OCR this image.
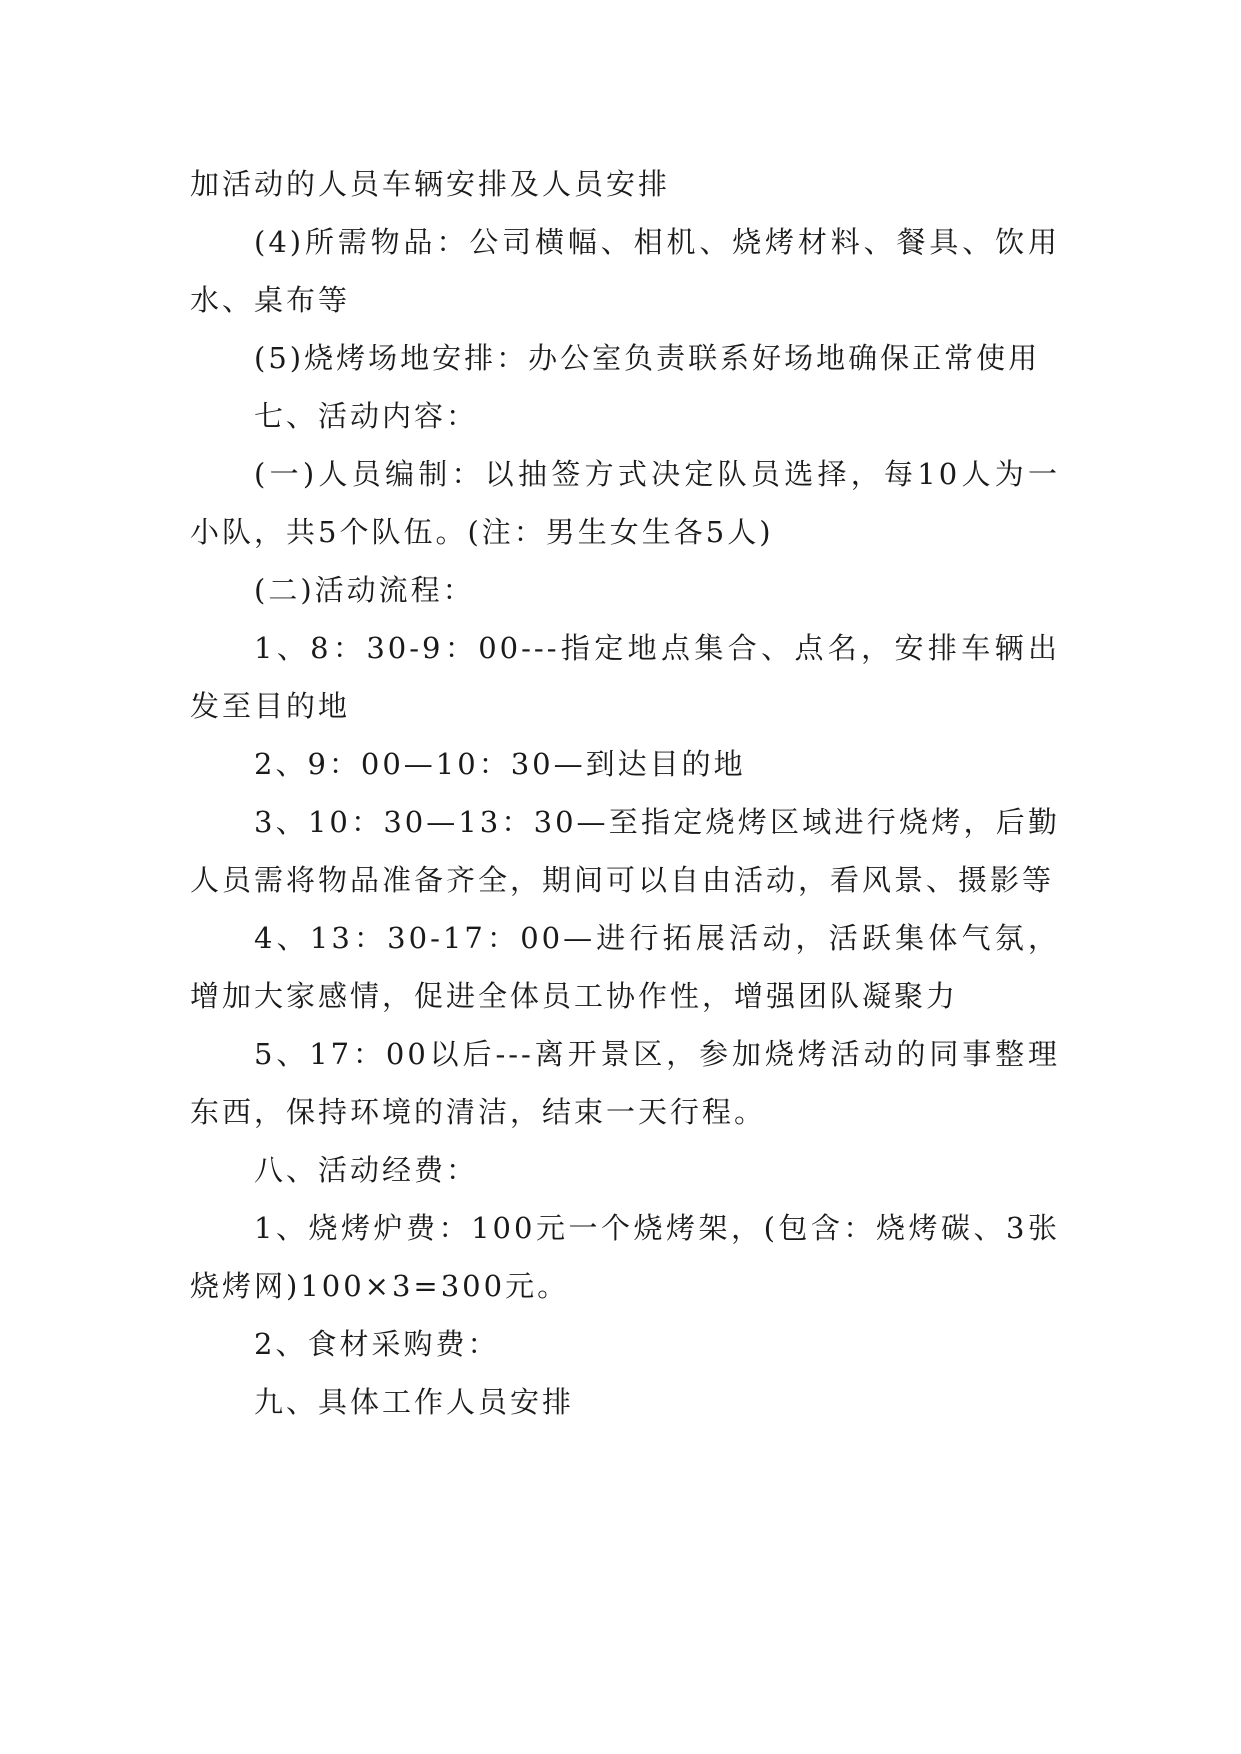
加活动的人员车辆安排及人员安排

(4)所需物品：公司横幅、相机、烧烤材料、餐具、饮用水、桌布等

(5)烧烤场地安排：办公室负责联系好场地确保正常使用

七、活动内容：

(一)人员编制：以抽签方式决定队员选择，每10人为一小队，共5个队伍。(注：男生女生各5人)

(二)活动流程：

1、8：30-9：00---指定地点集合、点名，安排车辆出发至目的地

2、9：00—10：30—到达目的地

3、10：30—13：30—至指定烧烤区域进行烧烤，后勤人员需将物品准备齐全，期间可以自由活动，看风景、摄影等

4、13：30-17：00—进行拓展活动，活跃集体气氛，增加大家感情，促进全体员工协作性，增强团队凝聚力

5、17：00以后---离开景区，参加烧烤活动的同事整理东西，保持环境的清洁，结束一天行程。

八、活动经费：

1、烧烤炉费：100元一个烧烤架，(包含：烧烤碳、3张烧烤网)100×3=300元。

2、食材采购费：

九、具体工作人员安排
